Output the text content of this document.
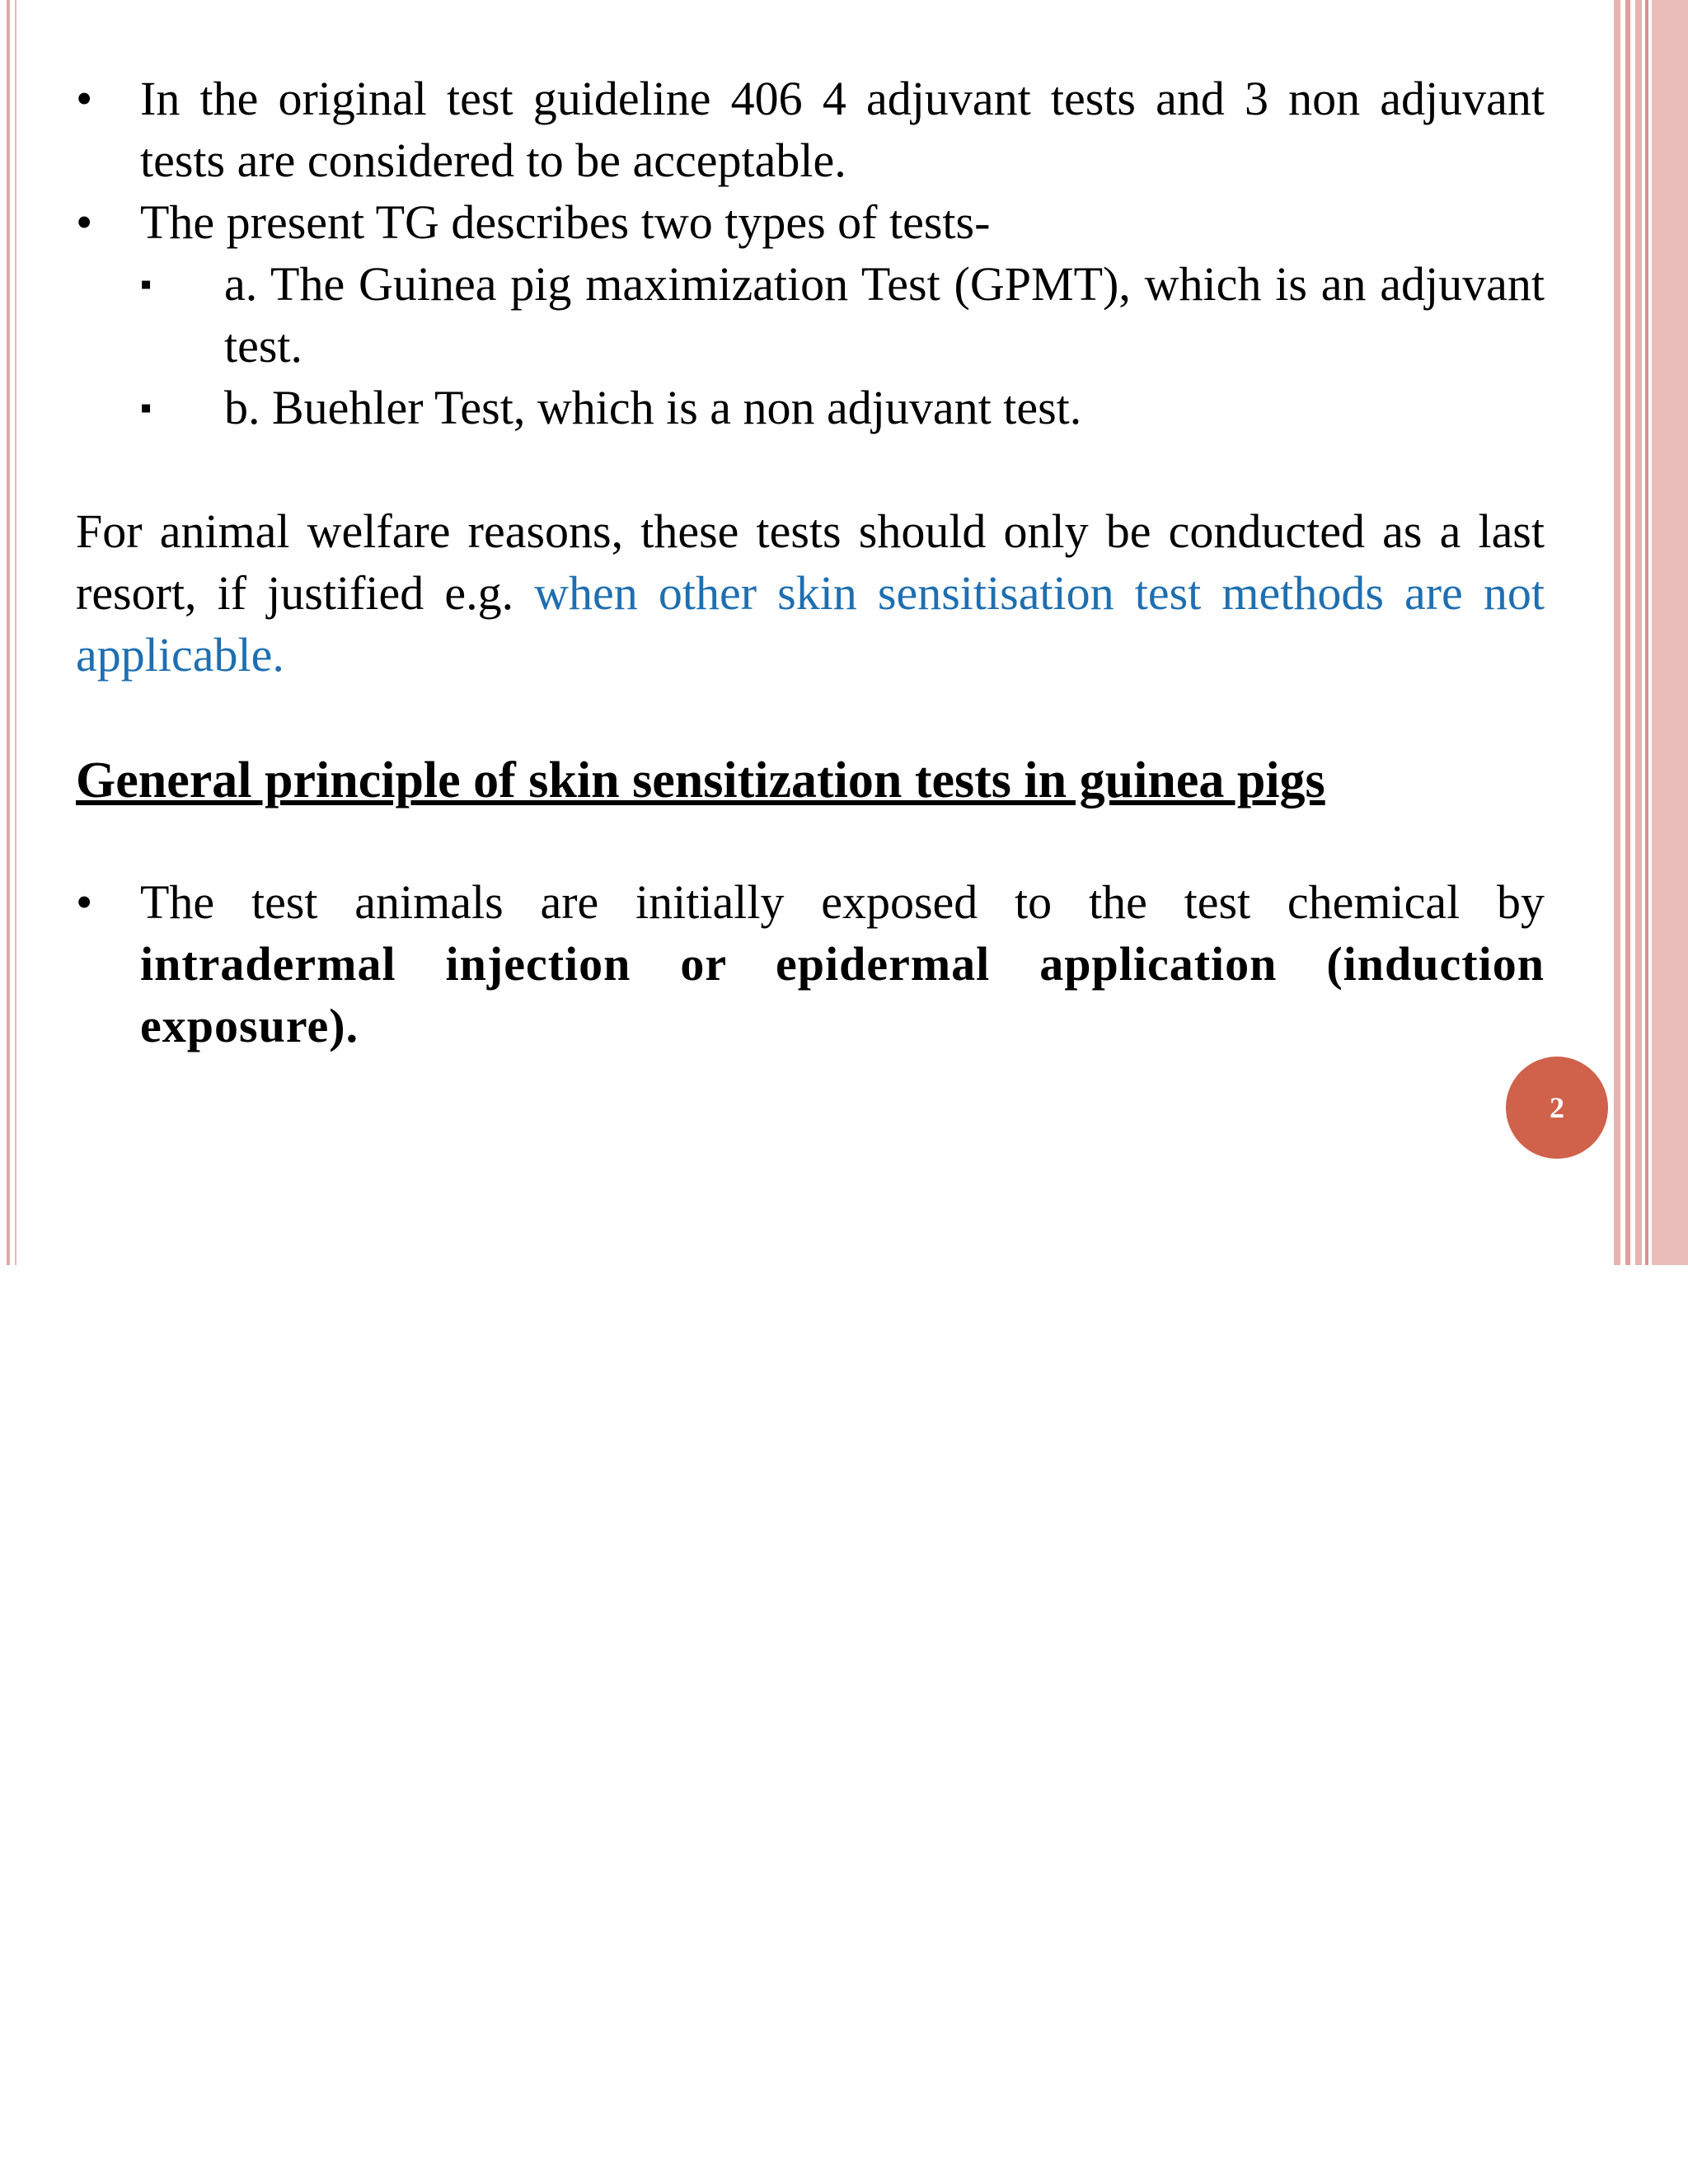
• In the original test guideline 406 4 adjuvant tests and 3 non adjuvant tests are considered to be acceptable.
• The present TG describes two types of tests-
▪ a. The Guinea pig maximization Test (GPMT), which is an adjuvant test.
▪ b. Buehler Test, which is a non adjuvant test.
For animal welfare reasons, these tests should only be conducted as a last resort, if justified e.g. when other skin sensitisation test methods are not applicable.
General principle of skin sensitization tests in guinea pigs
• The test animals are initially exposed to the test chemical by intradermal injection or epidermal application (induction exposure).
2
